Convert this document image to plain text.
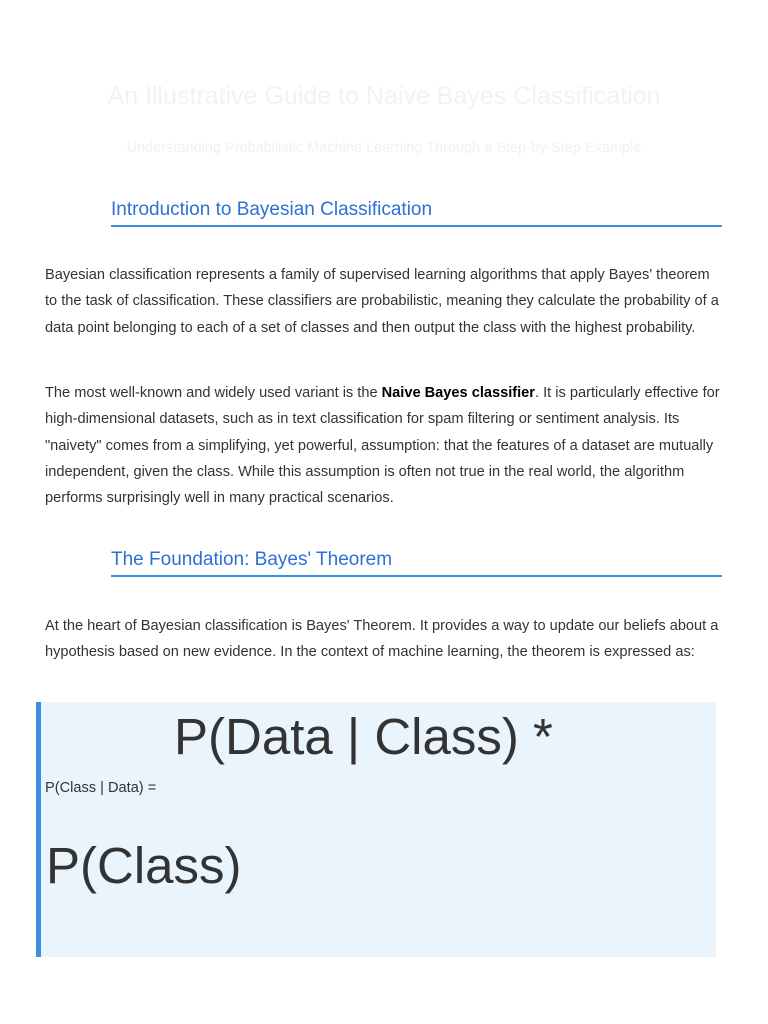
An Illustrative Guide to Naive Bayes Classification

Understanding Probabilistic Machine Learning Through a Step-by-Step Example

Introduction to Bayesian Classification

Bayesian classification represents a family of supervised learning algorithms that apply Bayes' theorem to the task of classification. These classifiers are probabilistic, meaning they calculate the probability of a data point belonging to each of a set of classes and then output the class with the highest probability.

The most well-known and widely used variant is the Naive Bayes classifier. It is particularly effective for high-dimensional datasets, such as in text classification for spam filtering or sentiment analysis. Its "naivety" comes from a simplifying, yet powerful, assumption: that the features of a dataset are mutually independent, given the class. While this assumption is often not true in the real world, the algorithm performs surprisingly well in many practical scenarios.

The Foundation: Bayes' Theorem

At the heart of Bayesian classification is Bayes' Theorem. It provides a way to update our beliefs about a hypothesis based on new evidence. In the context of machine learning, the theorem is expressed as:

P(Data | Class) *
P(Class | Data) =
P(Class)
